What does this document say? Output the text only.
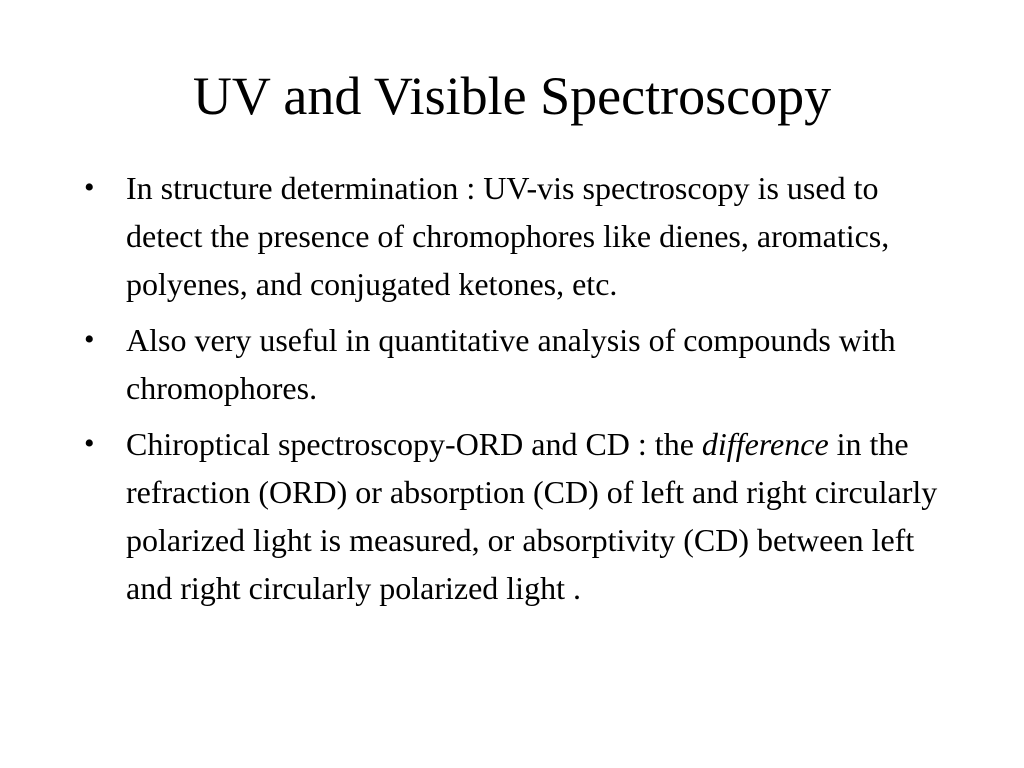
UV and Visible Spectroscopy
• In structure determination : UV-vis spectroscopy is used to detect the presence of chromophores like dienes, aromatics, polyenes, and conjugated ketones, etc.
• Also very useful in quantitative analysis of compounds with chromophores.
• Chiroptical spectroscopy-ORD and CD : the difference in the refraction (ORD) or absorption (CD) of left and right circularly polarized light is measured, or absorptivity (CD) between left and right circularly polarized light .
